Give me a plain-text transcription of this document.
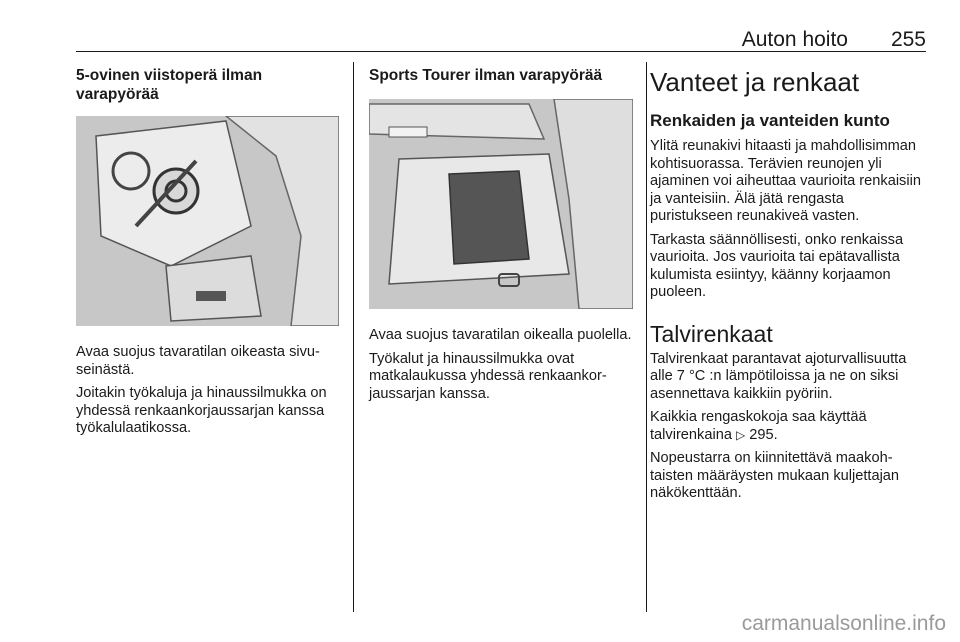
Auton hoito 255
5-ovinen viistoperä ilman varapyörää

Avaa suojus tavaratilan oikeasta sivuseinästä.

Joitakin työkaluja ja hinaussilmukka on yhdessä renkaankorjaussarjan kanssa työkalulaatikossa.

Sports Tourer ilman varapyörää

Avaa suojus tavaratilan oikealla puolella.

Työkalut ja hinaussilmukka ovat matkalaukussa yhdessä renkaankorjaussarjan kanssa.

Vanteet ja renkaat
Renkaiden ja vanteiden kunto

Ylitä reunakivi hitaasti ja mahdollisimman kohtisuorassa. Terävien reunojen yli ajaminen voi aiheuttaa vaurioita renkaisiin ja vanteisiin. Älä jätä rengasta puristukseen reunakiveä vasten.

Tarkasta säännöllisesti, onko renkaissa vaurioita. Jos vaurioita tai epätavallista kulumista esiintyy, käänny korjaamon puoleen.

Talvirenkaat

Talvirenkaat parantavat ajoturvallisuutta alle 7 °C :n lämpötiloissa ja ne on siksi asennettava kaikkiin pyöriin.

Kaikkia rengaskokoja saa käyttää talvirenkaina ▷ 295.

Nopeustarra on kiinnitettävä maakohtaisten määräysten mukaan kuljettajan näkökenttään.

carmanualsonline.info
